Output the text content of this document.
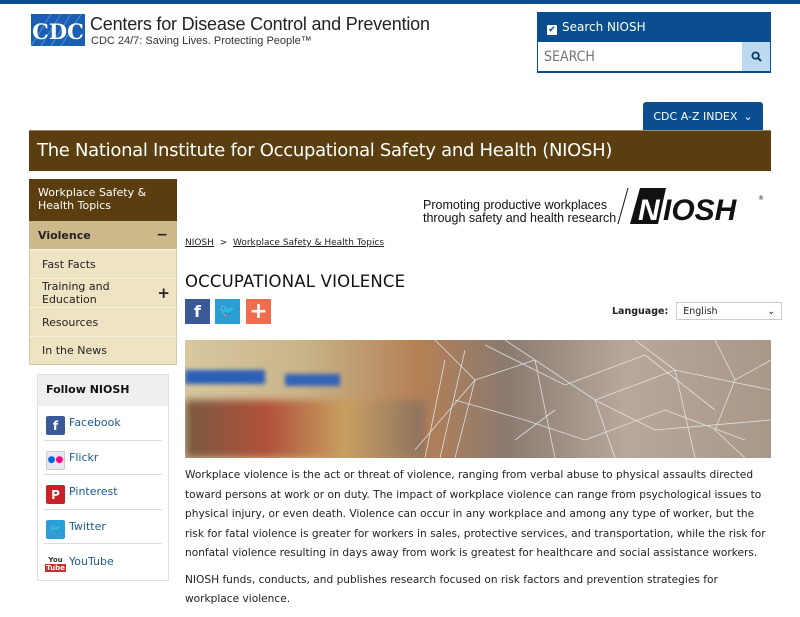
CDC Centers for Disease Control and Prevention
CDC 24/7: Saving Lives. Protecting People™
✔ Search NIOSH
SEARCH
CDC A-Z INDEX ⌄
The National Institute for Occupational Safety and Health (NIOSH)
Workplace Safety & Health Topics
Violence	−
Fast Facts
Training and Education	+
Resources
In the News
Follow NIOSH
f Facebook
● ● Flickr
P Pinterest
🐦 Twitter
You
Tube
YouTube
Promoting productive workplaces
through safety and health research N IOSH	®
NIOSH > Workplace Safety & Health Topics
OCCUPATIONAL VIOLENCE
f 🐦 +	Language: English	⌄

Workplace violence is the act or threat of violence, ranging from verbal abuse to physical assaults directed toward persons at work or on duty. The impact of workplace violence can range from psychological issues to physical injury, or even death. Violence can occur in any workplace and among any type of worker, but the risk for fatal violence is greater for workers in sales, protective services, and transportation, while the risk for nonfatal violence resulting in days away from work is greatest for healthcare and social assistance workers.

NIOSH funds, conducts, and publishes research focused on risk factors and prevention strategies for workplace violence.
